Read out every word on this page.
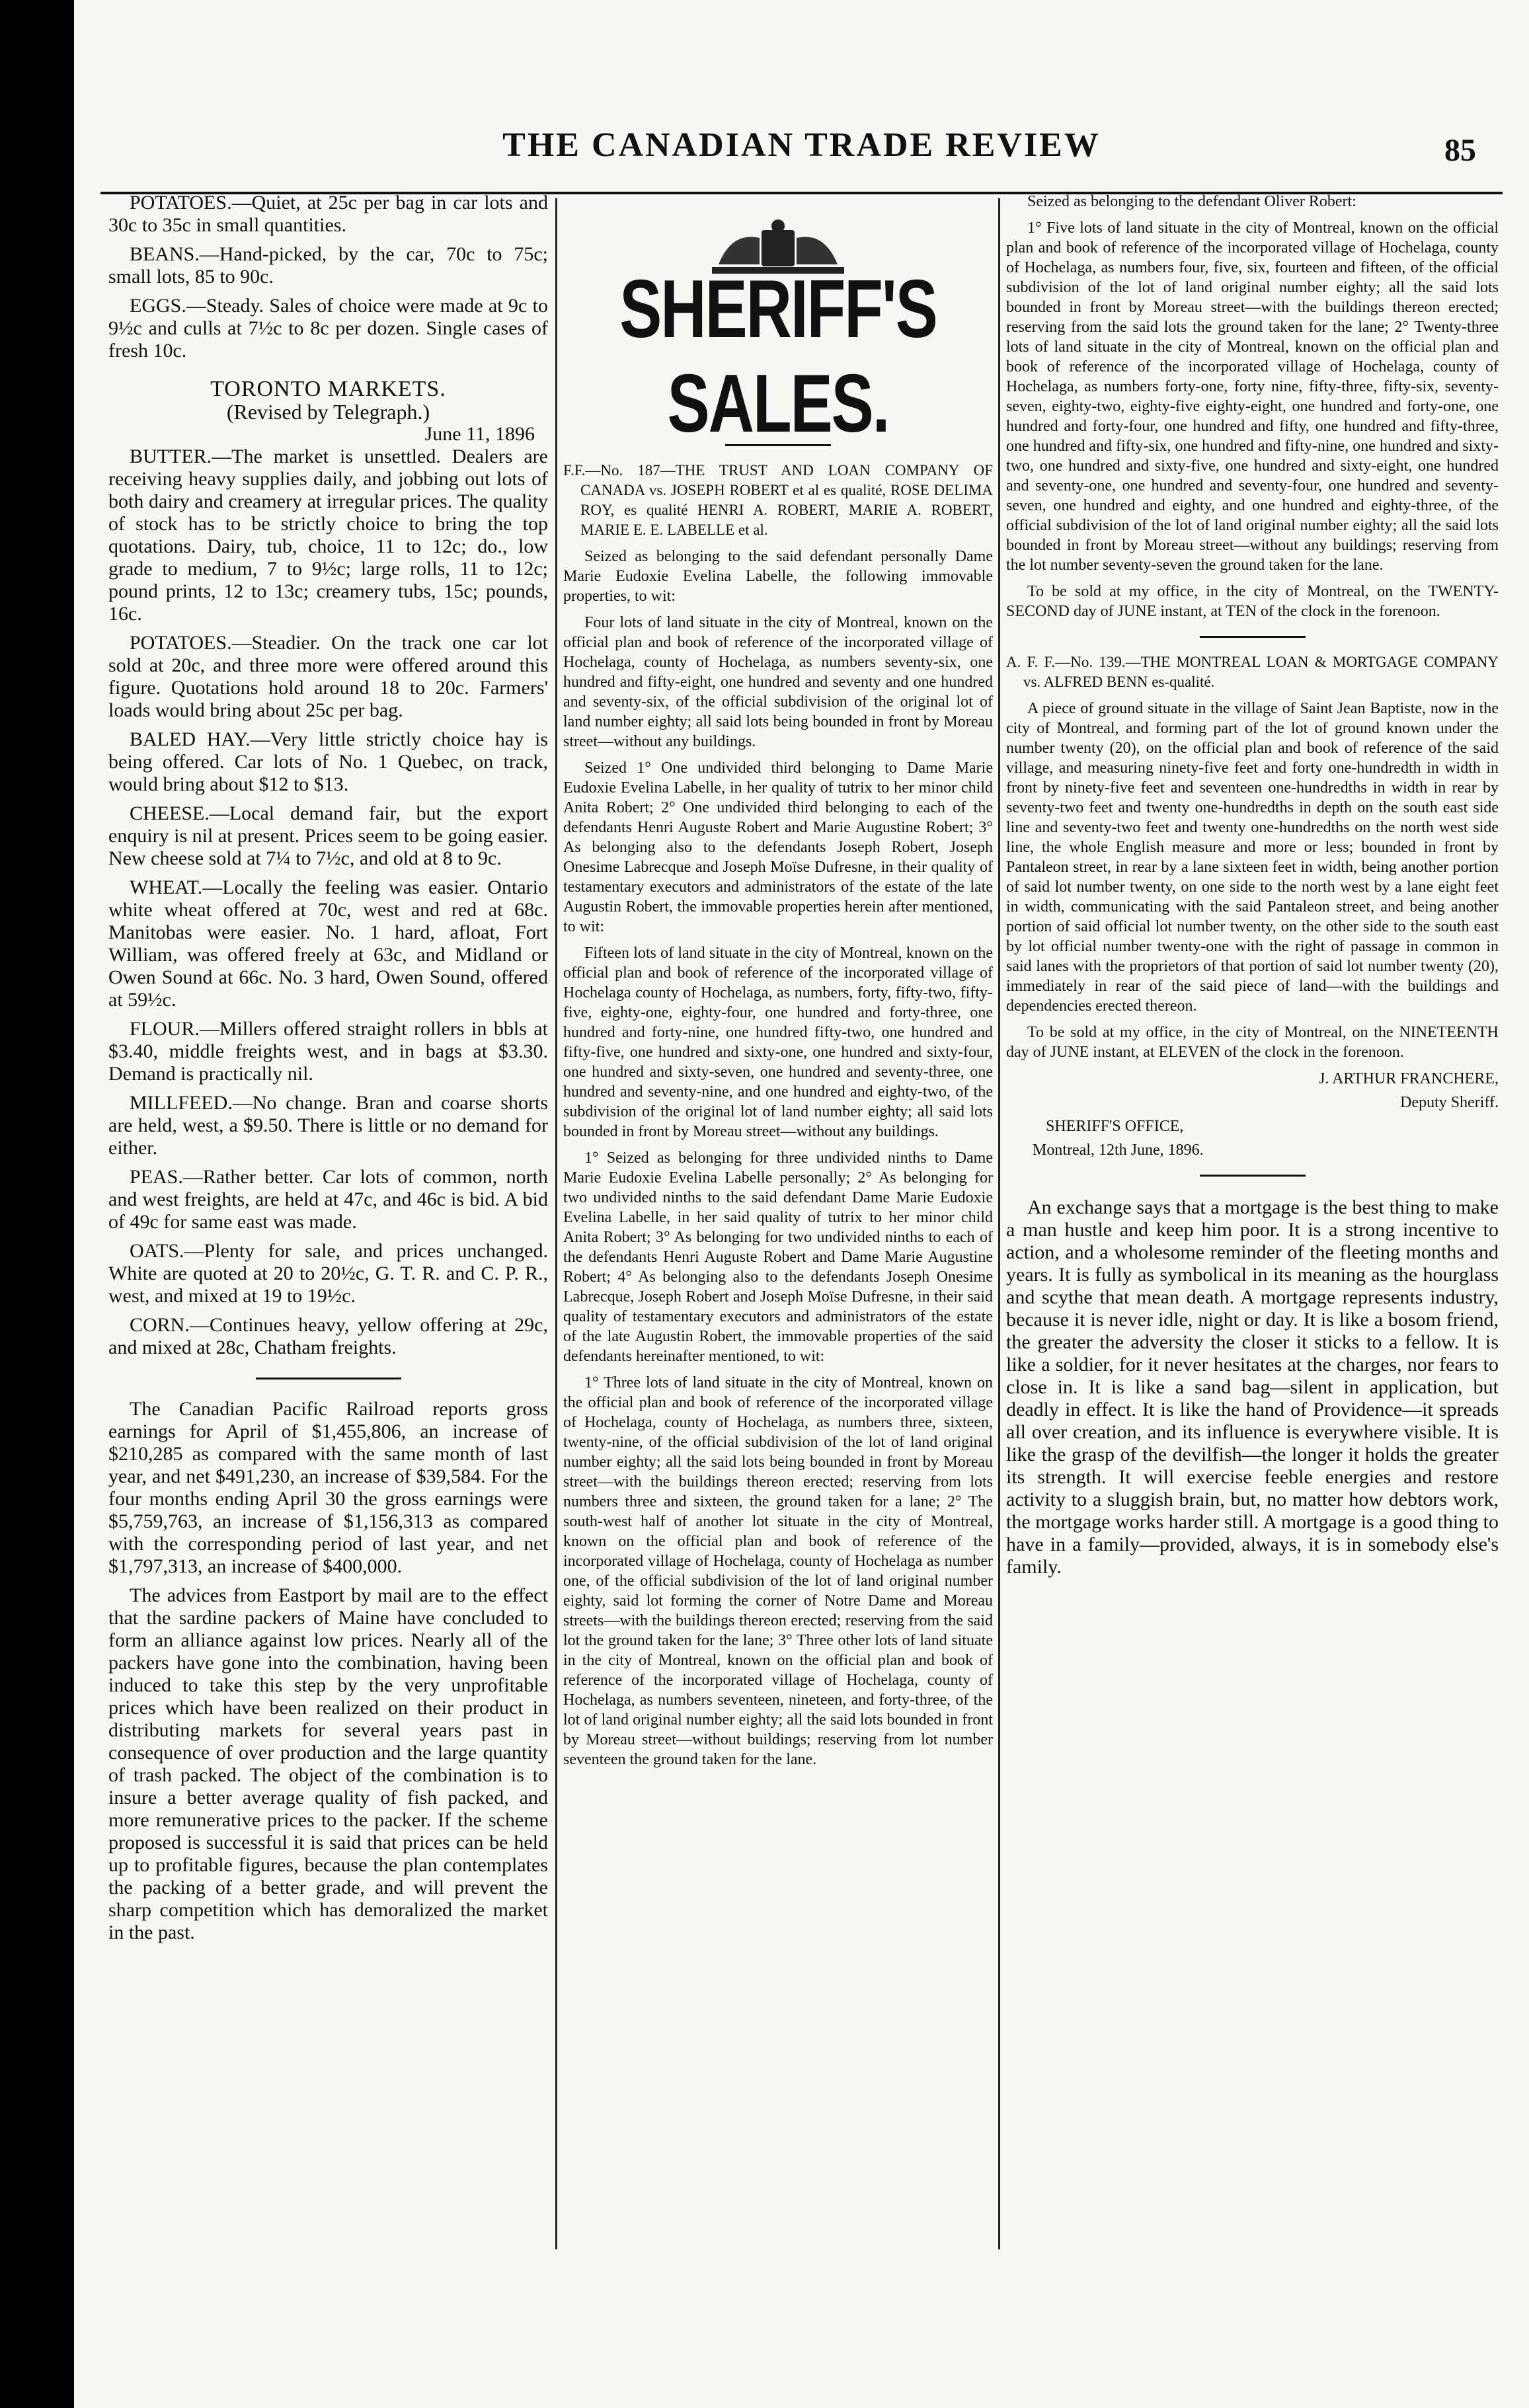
THE CANADIAN TRADE REVIEW	85

POTATOES.—Quiet, at 25c per bag in car lots and 30c to 35c in small quantities.

BEANS.—Hand-picked, by the car, 70c to 75c; small lots, 85 to 90c.

EGGS.—Steady. Sales of choice were made at 9c to 9½c and culls at 7½c to 8c per dozen. Single cases of fresh 10c.

TORONTO MARKETS.
(Revised by Telegraph.)
June 11, 1896

BUTTER.—The market is unsettled. Dealers are receiving heavy supplies daily, and jobbing out lots of both dairy and creamery at irregular prices. The quality of stock has to be strictly choice to bring the top quotations. Dairy, tub, choice, 11 to 12c; do., low grade to medium, 7 to 9½c; large rolls, 11 to 12c; pound prints, 12 to 13c; creamery tubs, 15c; pounds, 16c.

POTATOES.—Steadier. On the track one car lot sold at 20c, and three more were offered around this figure. Quotations hold around 18 to 20c. Farmers' loads would bring about 25c per bag.

BALED HAY.—Very little strictly choice hay is being offered. Car lots of No. 1 Quebec, on track, would bring about $12 to $13.

CHEESE.—Local demand fair, but the export enquiry is nil at present. Prices seem to be going easier. New cheese sold at 7¼ to 7½c, and old at 8 to 9c.

WHEAT.—Locally the feeling was easier. Ontario white wheat offered at 70c, west and red at 68c. Manitobas were easier. No. 1 hard, afloat, Fort William, was offered freely at 63c, and Midland or Owen Sound at 66c. No. 3 hard, Owen Sound, offered at 59½c.

FLOUR.—Millers offered straight rollers in bbls at $3.40, middle freights west, and in bags at $3.30. Demand is practically nil.

MILLFEED.—No change. Bran and coarse shorts are held, west, a $9.50. There is little or no demand for either.

PEAS.—Rather better. Car lots of common, north and west freights, are held at 47c, and 46c is bid. A bid of 49c for same east was made.

OATS.—Plenty for sale, and prices unchanged. White are quoted at 20 to 20½c, G. T. R. and C. P. R., west, and mixed at 19 to 19½c.

CORN.—Continues heavy, yellow offering at 29c, and mixed at 28c, Chatham freights.

The Canadian Pacific Railroad reports gross earnings for April of $1,455,806, an increase of $210,285 as compared with the same month of last year, and net $491,230, an increase of $39,584. For the four months ending April 30 the gross earnings were $5,759,763, an increase of $1,156,313 as compared with the corresponding period of last year, and net $1,797,313, an increase of $400,000.

The advices from Eastport by mail are to the effect that the sardine packers of Maine have concluded to form an alliance against low prices. Nearly all of the packers have gone into the combination, having been induced to take this step by the very unprofitable prices which have been realized on their product in distributing markets for several years past in consequence of over production and the large quantity of trash packed. The object of the combination is to insure a better average quality of fish packed, and more remunerative prices to the packer. If the scheme proposed is successful it is said that prices can be held up to profitable figures, because the plan contemplates the packing of a better grade, and will prevent the sharp competition which has demoralized the market in the past.

SHERIFF'S SALES.

F.F.—No. 187—THE TRUST AND LOAN COMPANY OF CANADA vs. JOSEPH ROBERT et al es qualité, ROSE DELIMA ROY, es qualité HENRI A. ROBERT, MARIE A. ROBERT, MARIE E. E. LABELLE et al.

Seized as belonging to the said defendant personally Dame Marie Eudoxie Evelina Labelle, the following immovable properties, to wit:

Four lots of land situate in the city of Montreal, known on the official plan and book of reference of the incorporated village of Hochelaga, county of Hochelaga, as numbers seventy-six, one hundred and fifty-eight, one hundred and seventy and one hundred and seventy-six, of the official subdivision of the original lot of land number eighty; all said lots being bounded in front by Moreau street—without any buildings.

Seized 1° One undivided third belonging to Dame Marie Eudoxie Evelina Labelle, in her quality of tutrix to her minor child Anita Robert; 2° One undivided third belonging to each of the defendants Henri Auguste Robert and Marie Augustine Robert; 3° As belonging also to the defendants Joseph Robert, Joseph Onesime Labrecque and Joseph Moïse Dufresne, in their quality of testamentary executors and administrators of the estate of the late Augustin Robert, the immovable properties herein after mentioned, to wit:

Fifteen lots of land situate in the city of Montreal, known on the official plan and book of reference of the incorporated village of Hochelaga county of Hochelaga, as numbers, forty, fifty-two, fifty-five, eighty-one, eighty-four, one hundred and forty-three, one hundred and forty-nine, one hundred fifty-two, one hundred and fifty-five, one hundred and sixty-one, one hundred and sixty-four, one hundred and sixty-seven, one hundred and seventy-three, one hundred and seventy-nine, and one hundred and eighty-two, of the subdivision of the original lot of land number eighty; all said lots bounded in front by Moreau street—without any buildings.

1° Seized as belonging for three undivided ninths to Dame Marie Eudoxie Evelina Labelle personally; 2° As belonging for two undivided ninths to the said defendant Dame Marie Eudoxie Evelina Labelle, in her said quality of tutrix to her minor child Anita Robert; 3° As belonging for two undivided ninths to each of the defendants Henri Auguste Robert and Dame Marie Augustine Robert; 4° As belonging also to the defendants Joseph Onesime Labrecque, Joseph Robert and Joseph Moïse Dufresne, in their said quality of testamentary executors and administrators of the estate of the late Augustin Robert, the immovable properties of the said defendants hereinafter mentioned, to wit:

1° Three lots of land situate in the city of Montreal, known on the official plan and book of reference of the incorporated village of Hochelaga, county of Hochelaga, as numbers three, sixteen, twenty-nine, of the official subdivision of the lot of land original number eighty; all the said lots being bounded in front by Moreau street—with the buildings thereon erected; reserving from lots numbers three and sixteen, the ground taken for a lane; 2° The south-west half of another lot situate in the city of Montreal, known on the official plan and book of reference of the incorporated village of Hochelaga, county of Hochelaga as number one, of the official subdivision of the lot of land original number eighty, said lot forming the corner of Notre Dame and Moreau streets—with the buildings thereon erected; reserving from the said lot the ground taken for the lane; 3° Three other lots of land situate in the city of Montreal, known on the official plan and book of reference of the incorporated village of Hochelaga, county of Hochelaga, as numbers seventeen, nineteen, and forty-three, of the lot of land original number eighty; all the said lots bounded in front by Moreau street—without buildings; reserving from lot number seventeen the ground taken for the lane.

Seized as belonging to the defendant Oliver Robert:

1° Five lots of land situate in the city of Montreal, known on the official plan and book of reference of the incorporated village of Hochelaga, county of Hochelaga, as numbers four, five, six, fourteen and fifteen, of the official subdivision of the lot of land original number eighty; all the said lots bounded in front by Moreau street—with the buildings thereon erected; reserving from the said lots the ground taken for the lane; 2° Twenty-three lots of land situate in the city of Montreal, known on the official plan and book of reference of the incorporated village of Hochelaga, county of Hochelaga, as numbers forty-one, forty nine, fifty-three, fifty-six, seventy-seven, eighty-two, eighty-five eighty-eight, one hundred and forty-one, one hundred and forty-four, one hundred and fifty, one hundred and fifty-three, one hundred and fifty-six, one hundred and fifty-nine, one hundred and sixty-two, one hundred and sixty-five, one hundred and sixty-eight, one hundred and seventy-one, one hundred and seventy-four, one hundred and seventy-seven, one hundred and eighty, and one hundred and eighty-three, of the official subdivision of the lot of land original number eighty; all the said lots bounded in front by Moreau street—without any buildings; reserving from the lot number seventy-seven the ground taken for the lane.

To be sold at my office, in the city of Montreal, on the TWENTY-SECOND day of JUNE instant, at TEN of the clock in the forenoon.

A. F. F.—No. 139.—THE MONTREAL LOAN & MORTGAGE COMPANY vs. ALFRED BENN es-qualité.

A piece of ground situate in the village of Saint Jean Baptiste, now in the city of Montreal, and forming part of the lot of ground known under the number twenty (20), on the official plan and book of reference of the said village, and measuring ninety-five feet and forty one-hundredth in width in front by ninety-five feet and seventeen one-hundredths in width in rear by seventy-two feet and twenty one-hundredths in depth on the south east side line and seventy-two feet and twenty one-hundredths on the north west side line, the whole English measure and more or less; bounded in front by Pantaleon street, in rear by a lane sixteen feet in width, being another portion of said lot number twenty, on one side to the north west by a lane eight feet in width, communicating with the said Pantaleon street, and being another portion of said official lot number twenty, on the other side to the south east by lot official number twenty-one with the right of passage in common in said lanes with the proprietors of that portion of said lot number twenty (20), immediately in rear of the said piece of land—with the buildings and dependencies erected thereon.

To be sold at my office, in the city of Montreal, on the NINETEENTH day of JUNE instant, at ELEVEN of the clock in the forenoon.

J. ARTHUR FRANCHERE,
Deputy Sheriff.
SHERIFF'S OFFICE,
Montreal, 12th June, 1896.

An exchange says that a mortgage is the best thing to make a man hustle and keep him poor. It is a strong incentive to action, and a wholesome reminder of the fleeting months and years. It is fully as symbolical in its meaning as the hourglass and scythe that mean death. A mortgage represents industry, because it is never idle, night or day. It is like a bosom friend, the greater the adversity the closer it sticks to a fellow. It is like a soldier, for it never hesitates at the charges, nor fears to close in. It is like a sand bag—silent in application, but deadly in effect. It is like the hand of Providence—it spreads all over creation, and its influence is everywhere visible. It is like the grasp of the devilfish—the longer it holds the greater its strength. It will exercise feeble energies and restore activity to a sluggish brain, but, no matter how debtors work, the mortgage works harder still. A mortgage is a good thing to have in a family—provided, always, it is in somebody else's family.
